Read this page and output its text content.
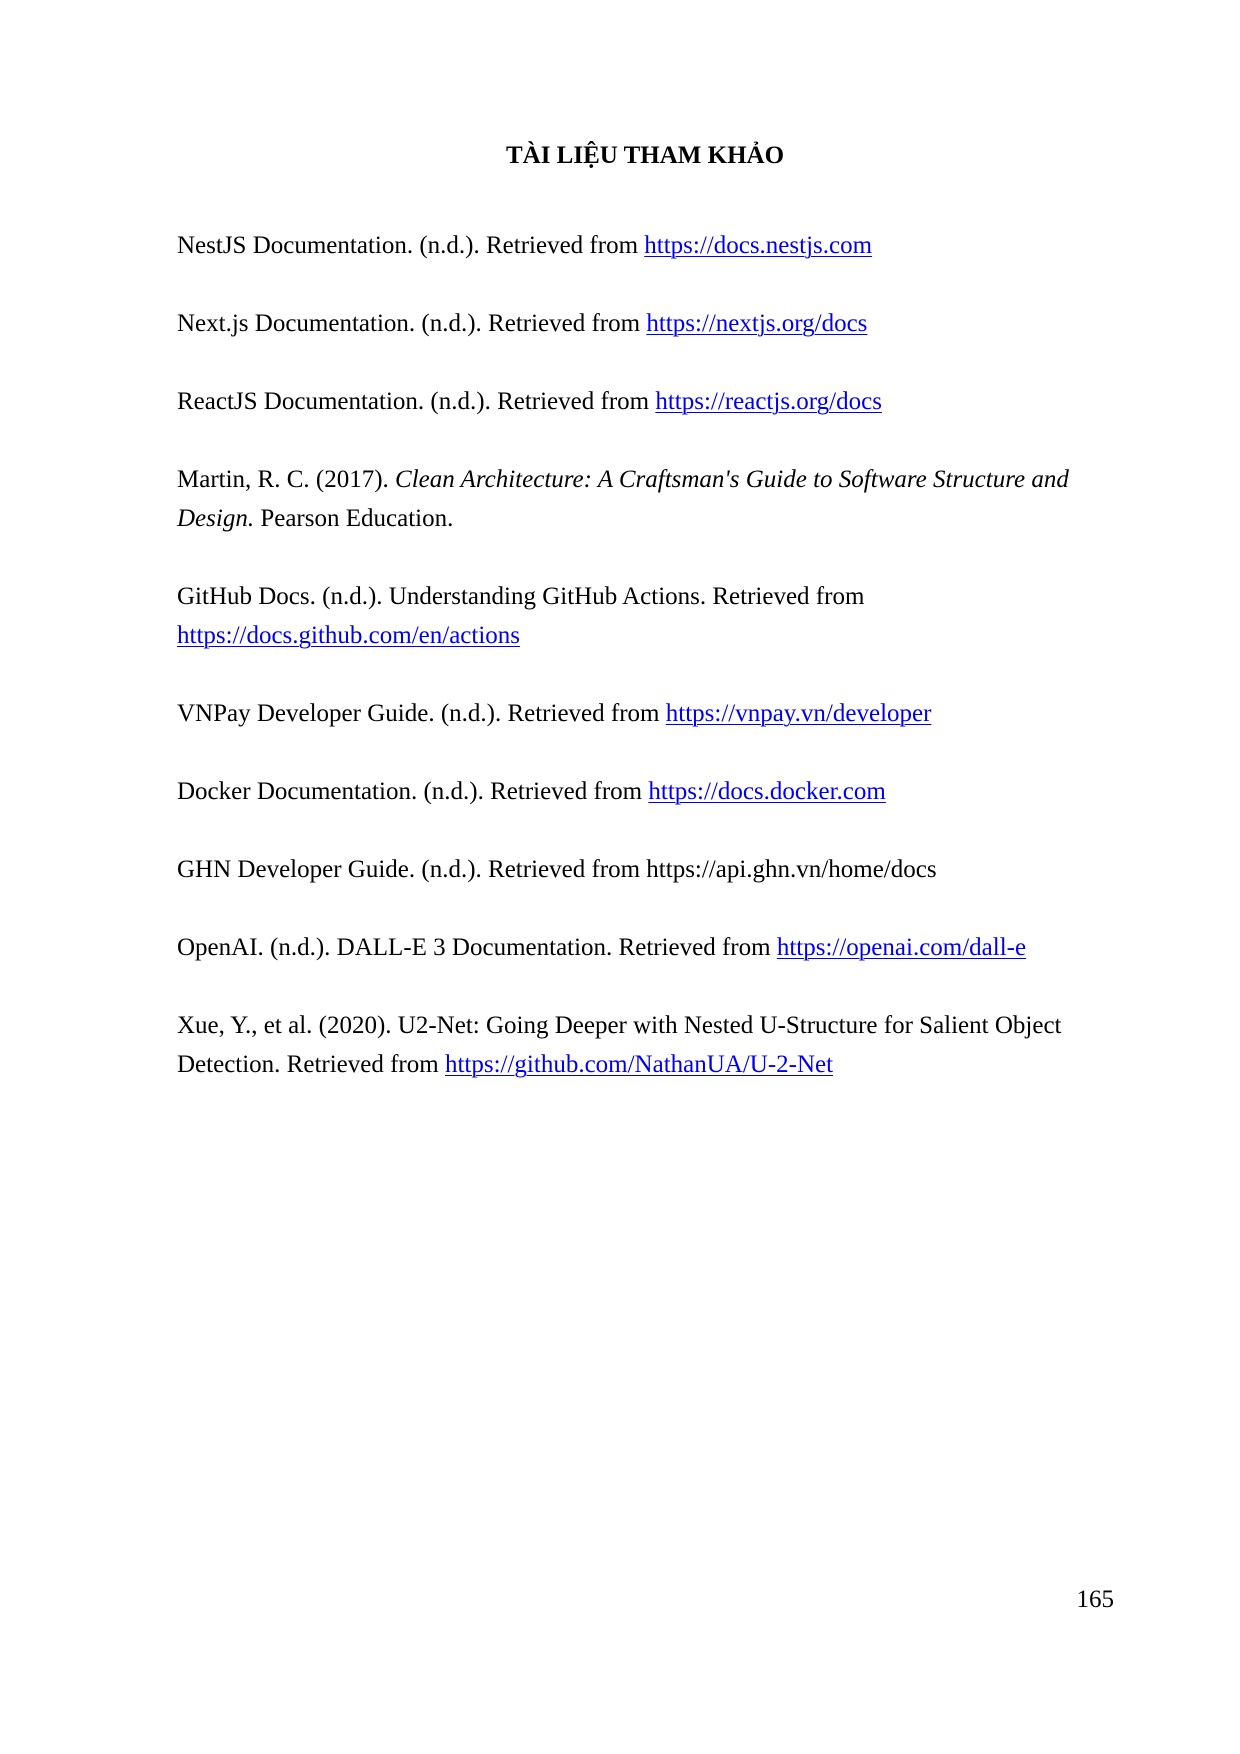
TÀI LIỆU THAM KHẢO
NestJS Documentation. (n.d.). Retrieved from https://docs.nestjs.com
Next.js Documentation. (n.d.). Retrieved from https://nextjs.org/docs
ReactJS Documentation. (n.d.). Retrieved from https://reactjs.org/docs
Martin, R. C. (2017). Clean Architecture: A Craftsman's Guide to Software Structure and Design. Pearson Education.
GitHub Docs. (n.d.). Understanding GitHub Actions. Retrieved from https://docs.github.com/en/actions
VNPay Developer Guide. (n.d.). Retrieved from https://vnpay.vn/developer
Docker Documentation. (n.d.). Retrieved from https://docs.docker.com
GHN Developer Guide. (n.d.). Retrieved from https://api.ghn.vn/home/docs
OpenAI. (n.d.). DALL-E 3 Documentation. Retrieved from https://openai.com/dall-e
Xue, Y., et al. (2020). U2-Net: Going Deeper with Nested U-Structure for Salient Object Detection. Retrieved from https://github.com/NathanUA/U-2-Net

165
